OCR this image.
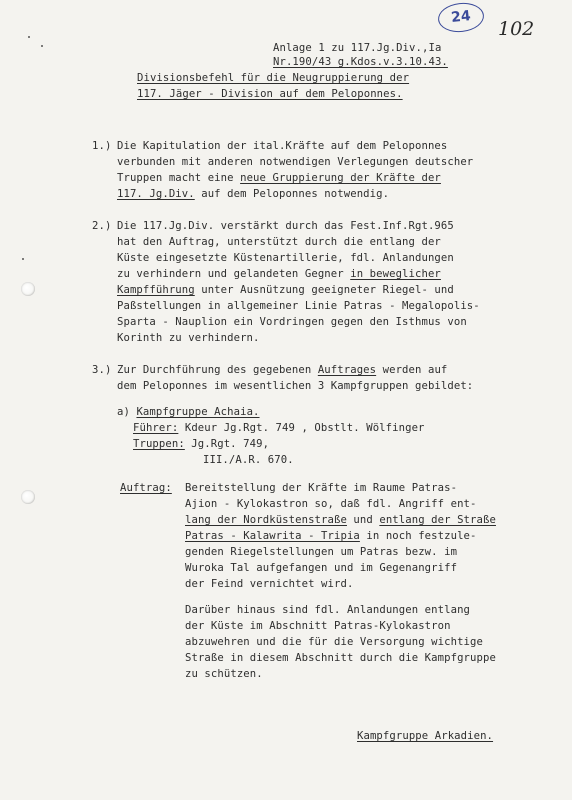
24
102
Anlage 1 zu 117.Jg.Div.,Ia
Nr.190/43 g.Kdos.v.3.10.43.
Divisionsbefehl für die Neugruppierung der
117. Jäger - Division auf dem Peloponnes.
1.) Die Kapitulation der ital.Kräfte auf dem Peloponnes
verbunden mit anderen notwendigen Verlegungen deutscher
Truppen macht eine neue Gruppierung der Kräfte der
117. Jg.Div. auf dem Peloponnes notwendig.
2.) Die 117.Jg.Div. verstärkt durch das Fest.Inf.Rgt.965
hat den Auftrag, unterstützt durch die entlang der
Küste eingesetzte Küstenartillerie, fdl. Anlandungen
zu verhindern und gelandeten Gegner in beweglicher
Kampfführung unter Ausnützung geeigneter Riegel- und
Paßstellungen in allgemeiner Linie Patras - Megalopolis-
Sparta - Nauplion ein Vordringen gegen den Isthmus von
Korinth zu verhindern.
3.) Zur Durchführung des gegebenen Auftrages werden auf
dem Peloponnes im wesentlichen 3 Kampfgruppen gebildet:
a) Kampfgruppe Achaia.
Führer: Kdeur Jg.Rgt. 749 , Obstlt. Wölfinger
Truppen: Jg.Rgt. 749,
III./A.R. 670.
Auftrag: Bereitstellung der Kräfte im Raume Patras-
Ajion - Kylokastron so, daß fdl. Angriff ent-
lang der Nordküstenstraße und entlang der Straße
Patras - Kalawrita - Tripia in noch festzule-
genden Riegelstellungen um Patras bezw. im
Wuroka Tal aufgefangen und im Gegenangriff
der Feind vernichtet wird.
Darüber hinaus sind fdl. Anlandungen entlang
der Küste im Abschnitt Patras-Kylokastron
abzuwehren und die für die Versorgung wichtige
Straße in diesem Abschnitt durch die Kampfgruppe
zu schützen.
Kampfgruppe Arkadien.
